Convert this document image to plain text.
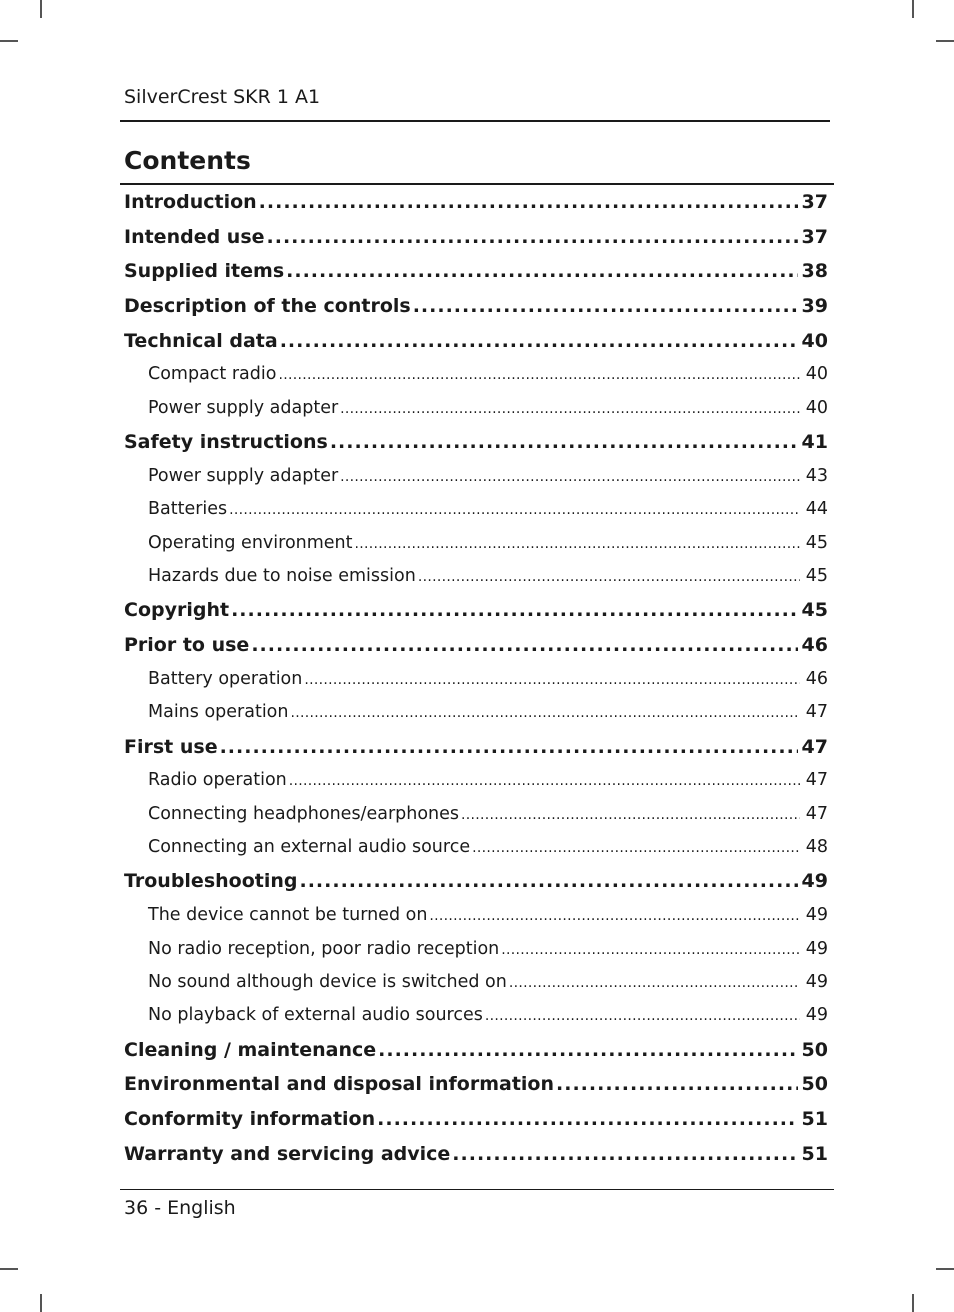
SilverCrest SKR 1 A1
Contents
Introduction .....	37
Intended use .....	37
Supplied items .....	38
Description of the controls .....	39
Technical data .....	40
Compact radio .....	40
Power supply adapter .....	40
Safety instructions .....	41
Power supply adapter .....	43
Batteries .....	44
Operating environment .....	45
Hazards due to noise emission .....	45
Copyright .....	45
Prior to use .....	46
Battery operation .....	46
Mains operation .....	47
First use .....	47
Radio operation .....	47
Connecting headphones/earphones .....	47
Connecting an external audio source .....	48
Troubleshooting .....	49
The device cannot be turned on .....	49
No radio reception, poor radio reception .....	49
No sound although device is switched on .....	49
No playback of external audio sources .....	49
Cleaning / maintenance .....	50
Environmental and disposal information .....	50
Conformity information .....	51
Warranty and servicing advice .....	51
36 - English
